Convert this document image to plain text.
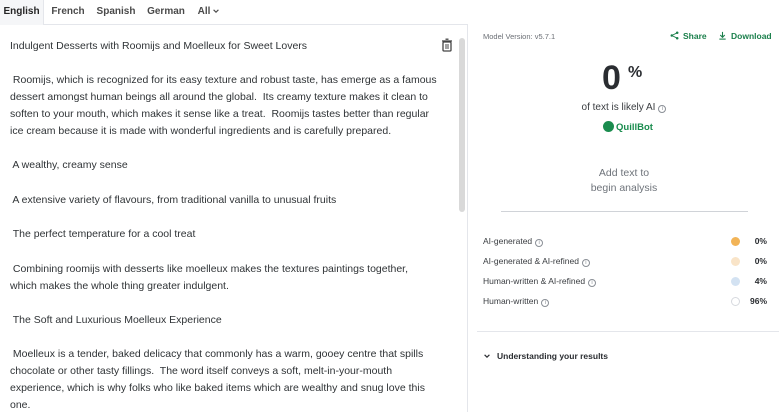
English	French	Spanish	German	All
Indulgent Desserts with Roomijs and Moelleux for Sweet Lovers
Roomijs, which is recognized for its easy texture and robust taste, has emerge as a famous
dessert amongst human beings all around the global.  Its creamy texture makes it clean to
soften to your mouth, which makes it sense like a treat.  Roomijs tastes better than regular
ice cream because it is made with wonderful ingredients and is carefully prepared.
A wealthy, creamy sense
A extensive variety of flavours, from traditional vanilla to unusual fruits
The perfect temperature for a cool treat
Combining roomijs with desserts like moelleux makes the textures paintings together,
which makes the whole thing greater indulgent.
The Soft and Luxurious Moelleux Experience
Moelleux is a tender, baked delicacy that commonly has a warm, gooey centre that spills
chocolate or other tasty fillings.  The word itself conveys a soft, melt-in-your-mouth
experience, which is why folks who like baked items which are wealthy and snug love this
one.
Model Version: v5.7.1	Share	Download
0 %
of text is likely AI i
QuillBot
Add text to
begin analysis
AI-generated i	0%
AI-generated & AI-refined i	0%
Human-written & AI-refined i	4%
Human-written i	96%
Understanding your results
